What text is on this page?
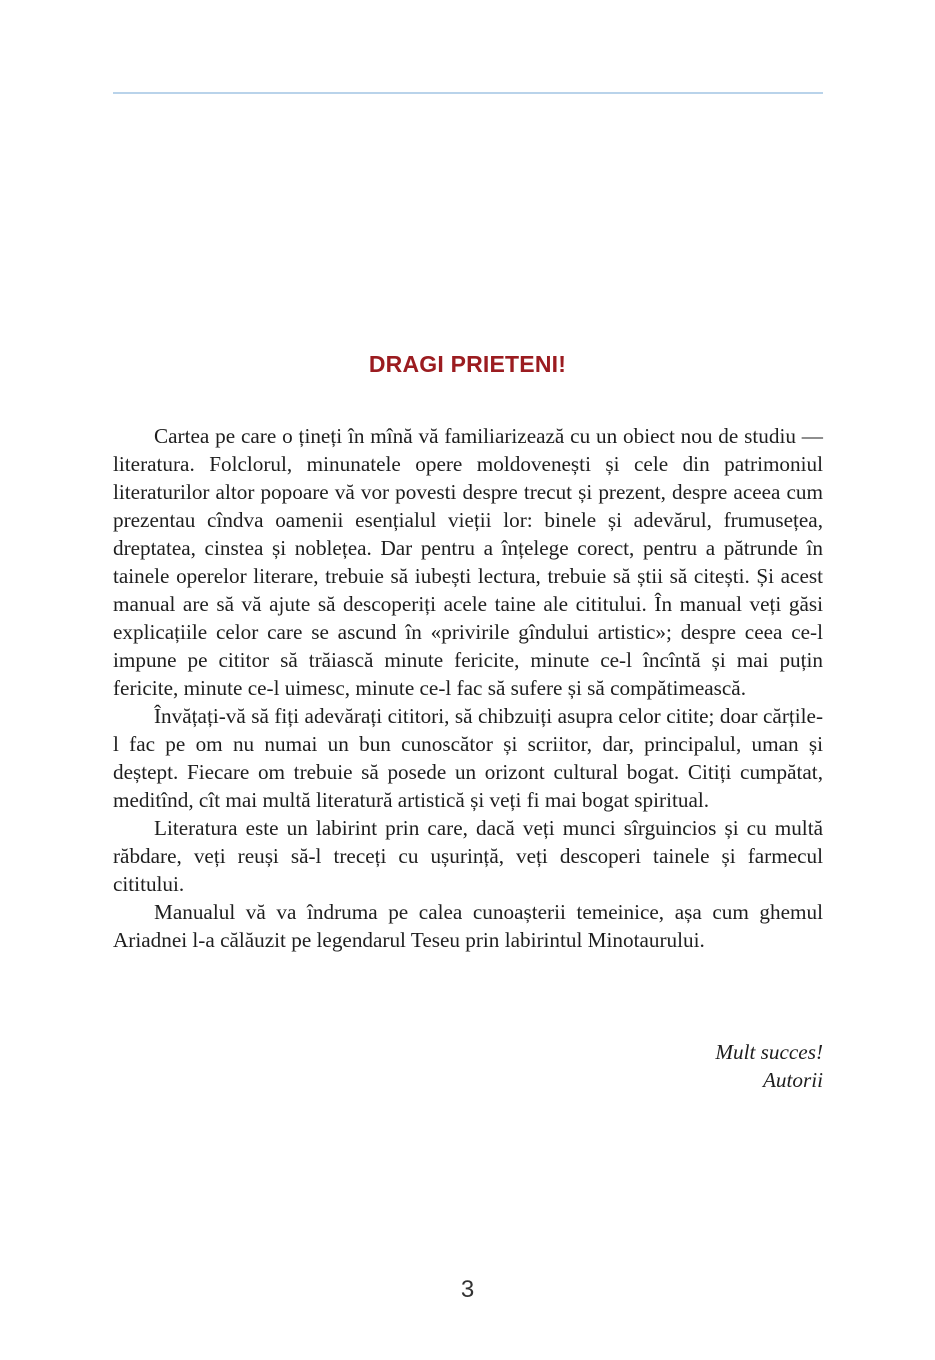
DRAGI PRIETENI!

Cartea pe care o țineți în mînă vă familiarizează cu un obiect nou de studiu — literatura. Folclorul, minunatele opere moldovenești și cele din patrimoniul literaturilor altor popoare vă vor povesti despre trecut și prezent, despre aceea cum prezentau cîndva oamenii esențialul vieții lor: binele și adevărul, frumusețea, dreptatea, cinstea și noblețea. Dar pentru a înțelege corect, pentru a pătrunde în tainele operelor literare, trebuie să iubești lectura, trebuie să știi să citești. Și acest manual are să vă ajute să descoperiți acele taine ale cititului. În manual veți găsi explicațiile celor care se ascund în «privirile gîndului artistic»; despre ceea ce-l impune pe cititor să trăiască minute fericite, minute ce-l încîntă și mai puțin fericite, minute ce-l uimesc, minute ce-l fac să sufere și să compătimească.

Învățați-vă să fiți adevărați cititori, să chibzuiți asupra celor citite; doar cărțile-l fac pe om nu numai un bun cunoscător și scriitor, dar, principalul, uman și deștept. Fiecare om trebuie să posede un orizont cultural bogat. Citiți cumpătat, meditînd, cît mai multă literatură artistică și veți fi mai bogat spiritual.

Literatura este un labirint prin care, dacă veți munci sîrguincios și cu multă răbdare, veți reuși să-l treceți cu ușurință, veți descoperi tainele și farmecul cititului.

Manualul vă va îndruma pe calea cunoașterii temeinice, așa cum ghemul Ariadnei l-a călăuzit pe legendarul Teseu prin labirintul Minotaurului.

Mult succes!
Autorii
3
